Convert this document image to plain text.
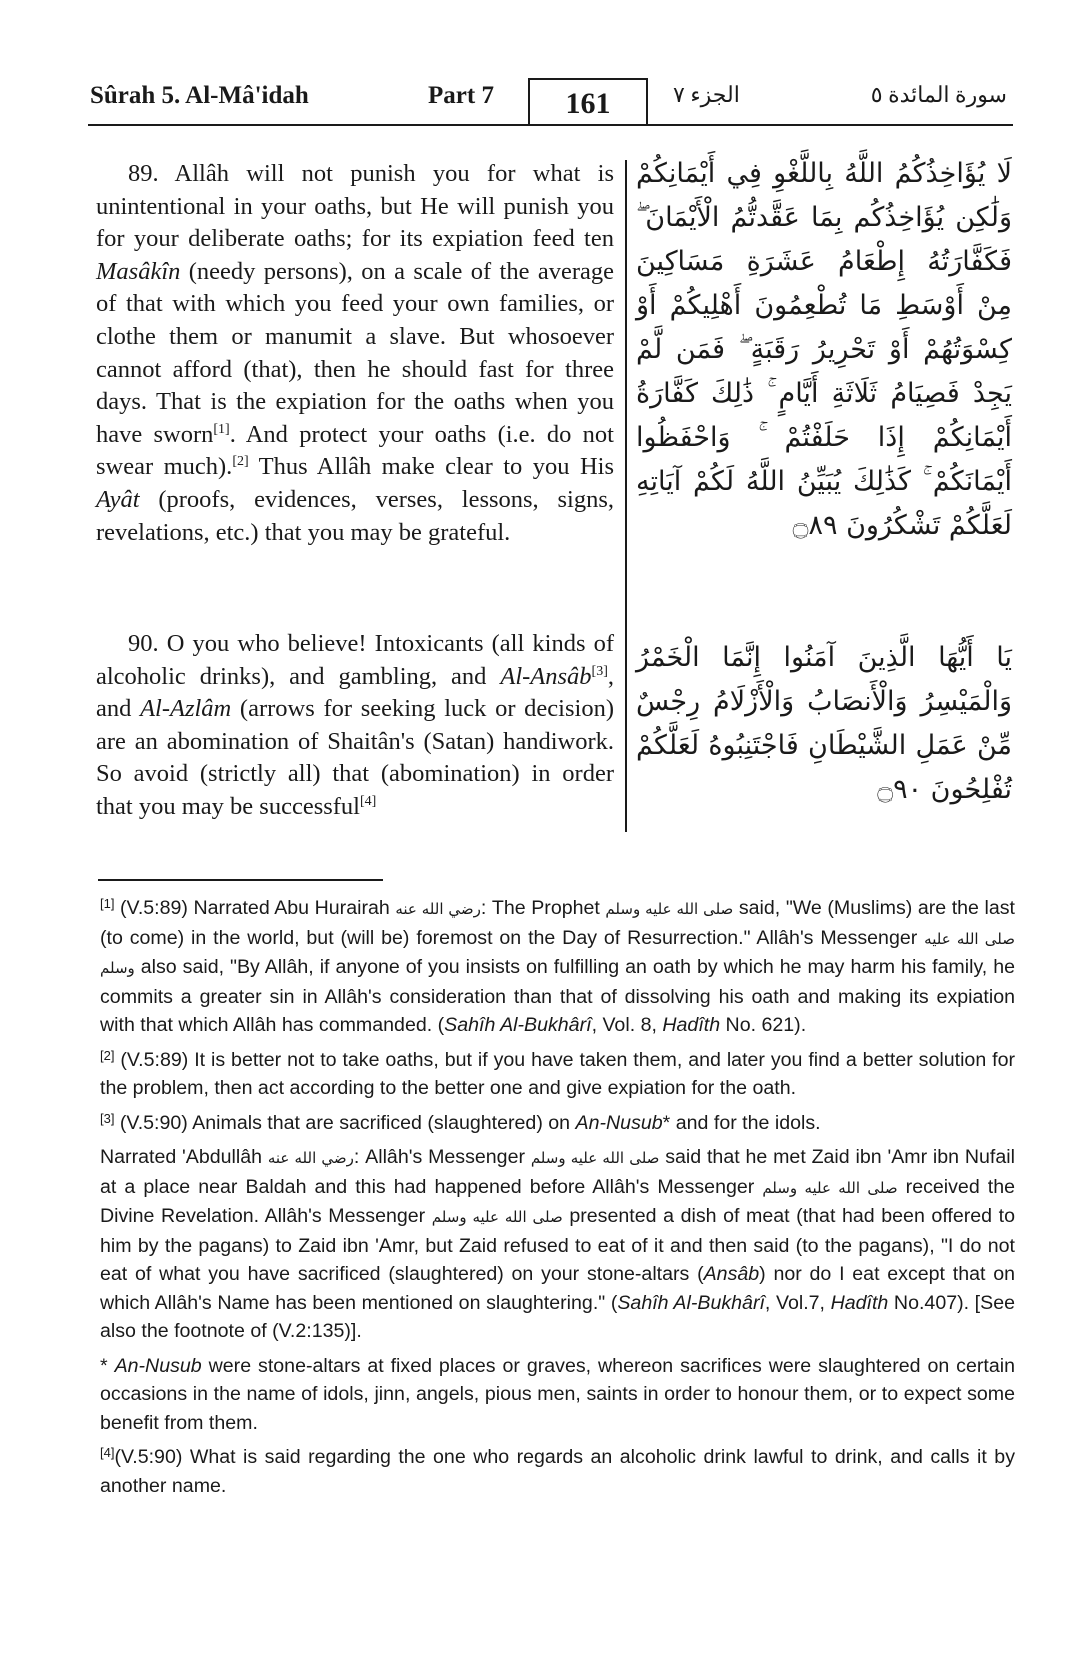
Sûrah 5. Al-Mâ'idah	Part 7	161	الجزء ٧	سورة المائدة ٥

89. Allâh will not punish you for what is unintentional in your oaths, but He will punish you for your deliberate oaths; for its expiation feed ten Masâkîn (needy persons), on a scale of the average of that with which you feed your own families, or clothe them or manumit a slave. But whosoever cannot afford (that), then he should fast for three days. That is the expiation for the oaths when you have sworn[1]. And protect your oaths (i.e. do not swear much).[2] Thus Allâh make clear to you His Ayât (proofs, evidences, verses, lessons, signs, revelations, etc.) that you may be grateful.

لَا يُؤَاخِذُكُمُ اللَّهُ بِاللَّغْوِ فِي أَيْمَانِكُمْ وَلَٰكِن يُؤَاخِذُكُم بِمَا عَقَّدتُّمُ الْأَيْمَانَ ۖ فَكَفَّارَتُهُ إِطْعَامُ عَشَرَةِ مَسَاكِينَ مِنْ أَوْسَطِ مَا تُطْعِمُونَ أَهْلِيكُمْ أَوْ كِسْوَتُهُمْ أَوْ تَحْرِيرُ رَقَبَةٍ ۖ فَمَن لَّمْ يَجِدْ فَصِيَامُ ثَلَاثَةِ أَيَّامٍ ۚ ذَٰلِكَ كَفَّارَةُ أَيْمَانِكُمْ إِذَا حَلَفْتُمْ ۚ وَاحْفَظُوا أَيْمَانَكُمْ ۚ كَذَٰلِكَ يُبَيِّنُ اللَّهُ لَكُمْ آيَاتِهِ لَعَلَّكُمْ تَشْكُرُونَ ۝٨٩

90. O you who believe! Intoxicants (all kinds of alcoholic drinks), and gambling, and Al-Ansâb[3], and Al-Azlâm (arrows for seeking luck or decision) are an abomination of Shaitân's (Satan) handiwork. So avoid (strictly all) that (abomination) in order that you may be successful[4]

يَا أَيُّهَا الَّذِينَ آمَنُوا إِنَّمَا الْخَمْرُ وَالْمَيْسِرُ وَالْأَنصَابُ وَالْأَزْلَامُ رِجْسٌ مِّنْ عَمَلِ الشَّيْطَانِ فَاجْتَنِبُوهُ لَعَلَّكُمْ تُفْلِحُونَ ۝٩٠

[1] (V.5:89) Narrated Abu Hurairah رضي الله عنه: The Prophet صلى الله عليه وسلم said, "We (Muslims) are the last (to come) in the world, but (will be) foremost on the Day of Resurrection." Allâh's Messenger صلى الله عليه وسلم also said, "By Allâh, if anyone of you insists on fulfilling an oath by which he may harm his family, he commits a greater sin in Allâh's consideration than that of dissolving his oath and making its expiation with that which Allâh has commanded. (Sahîh Al-Bukhârî, Vol. 8, Hadîth No. 621).

[2] (V.5:89) It is better not to take oaths, but if you have taken them, and later you find a better solution for the problem, then act according to the better one and give expiation for the oath.

[3] (V.5:90) Animals that are sacrificed (slaughtered) on An-Nusub* and for the idols.

Narrated 'Abdullâh رضي الله عنه: Allâh's Messenger صلى الله عليه وسلم said that he met Zaid ibn 'Amr ibn Nufail at a place near Baldah and this had happened before Allâh's Messenger صلى الله عليه وسلم received the Divine Revelation. Allâh's Messenger صلى الله عليه وسلم presented a dish of meat (that had been offered to him by the pagans) to Zaid ibn 'Amr, but Zaid refused to eat of it and then said (to the pagans), "I do not eat of what you have sacrificed (slaughtered) on your stone-altars (Ansâb) nor do I eat except that on which Allâh's Name has been mentioned on slaughtering." (Sahîh Al-Bukhârî, Vol.7, Hadîth No.407). [See also the footnote of (V.2:135)].

* An-Nusub were stone-altars at fixed places or graves, whereon sacrifices were slaughtered on certain occasions in the name of idols, jinn, angels, pious men, saints in order to honour them, or to expect some benefit from them.

[4](V.5:90) What is said regarding the one who regards an alcoholic drink lawful to drink, and calls it by another name.
